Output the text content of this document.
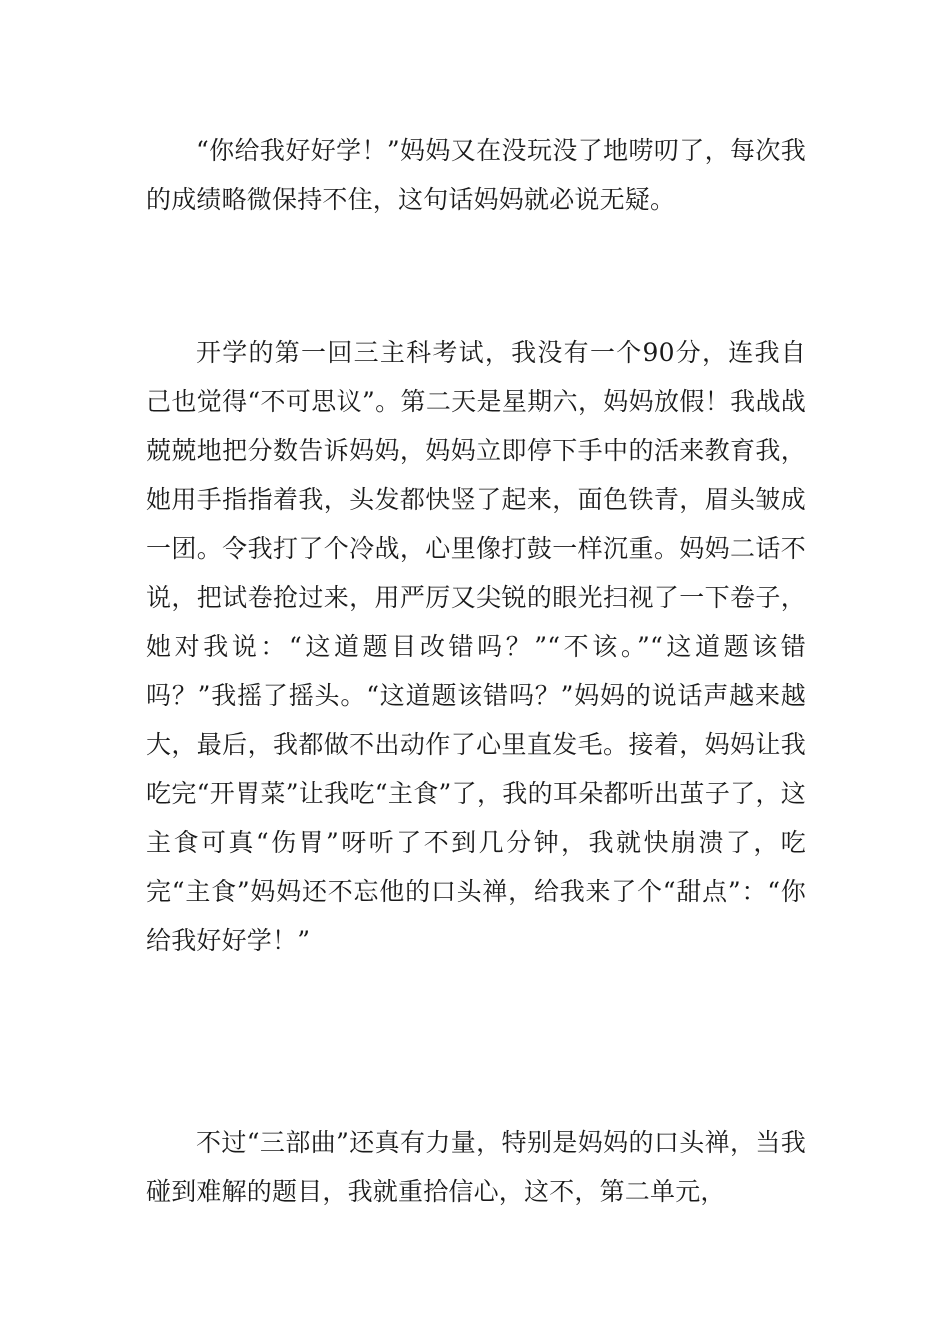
“你给我好好学！”妈妈又在没玩没了地唠叨了，每次我的成绩略微保持不住，这句话妈妈就必说无疑。

开学的第一回三主科考试，我没有一个90分，连我自己也觉得“不可思议”。第二天是星期六，妈妈放假！我战战兢兢地把分数告诉妈妈，妈妈立即停下手中的活来教育我，她用手指指着我，头发都快竖了起来，面色铁青，眉头皱成一团。令我打了个冷战，心里像打鼓一样沉重。妈妈二话不说，把试卷抢过来，用严厉又尖锐的眼光扫视了一下卷子，她对我说：“这道题目改错吗？”“不该。”“这道题该错吗？”我摇了摇头。“这道题该错吗？”妈妈的说话声越来越大，最后，我都做不出动作了心里直发毛。接着，妈妈让我吃完“开胃菜”让我吃“主食”了，我的耳朵都听出茧子了，这主食可真“伤胃”呀听了不到几分钟，我就快崩溃了，吃完“主食”妈妈还不忘他的口头禅，给我来了个“甜点”：“你给我好好学！”

不过“三部曲”还真有力量，特别是妈妈的口头禅，当我碰到难解的题目，我就重拾信心，这不，第二单元，
